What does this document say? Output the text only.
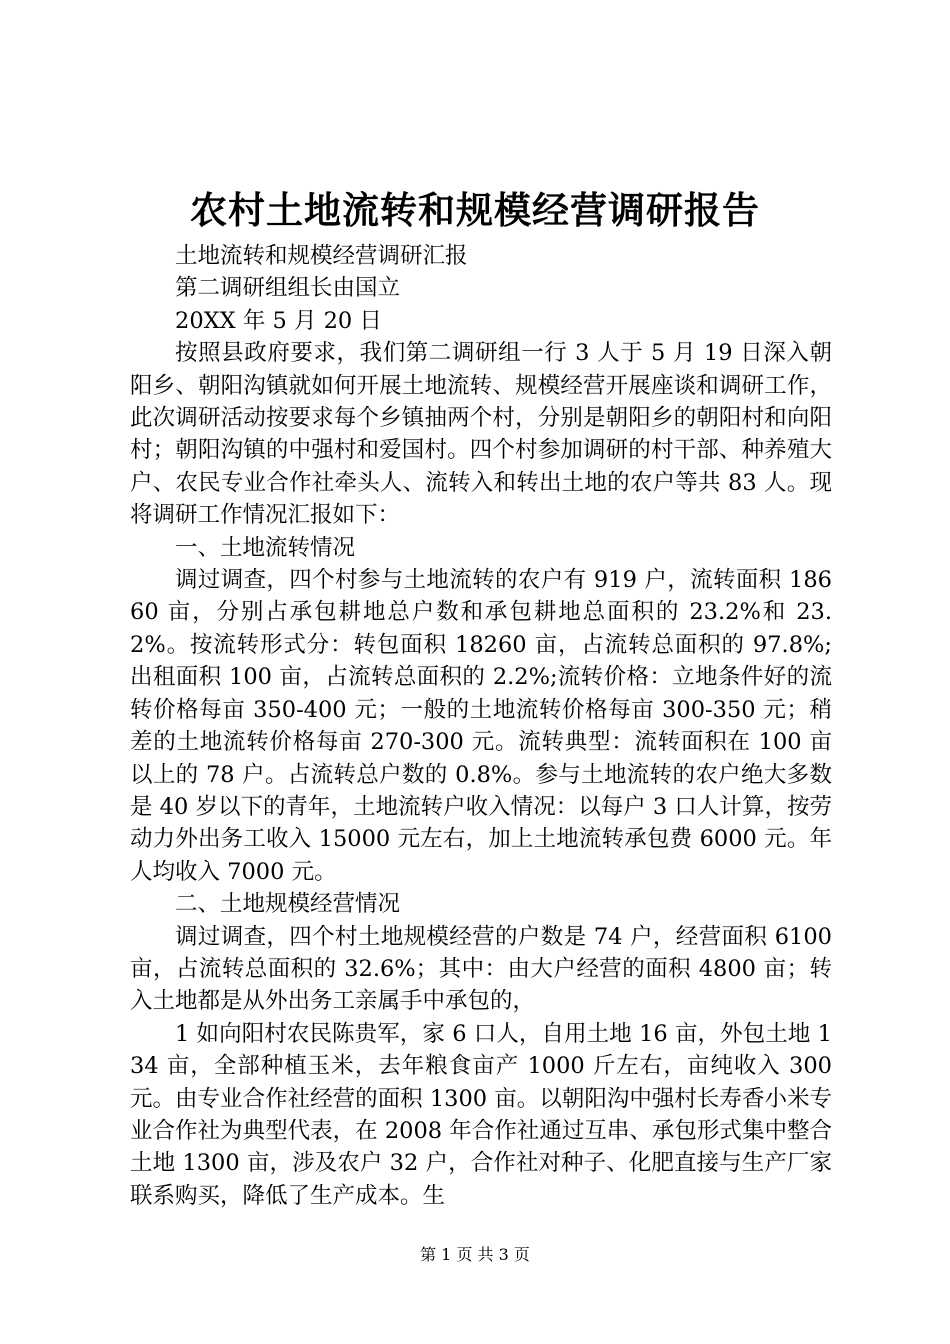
农村土地流转和规模经营调研报告

土地流转和规模经营调研汇报

第二调研组组长由国立

20XX 年 5 月 20 日

按照县政府要求，我们第二调研组一行 3 人于 5 月 19 日深入朝阳乡、朝阳沟镇就如何开展土地流转、规模经营开展座谈和调研工作，此次调研活动按要求每个乡镇抽两个村，分别是朝阳乡的朝阳村和向阳村；朝阳沟镇的中强村和爱国村。四个村参加调研的村干部、种养殖大户、农民专业合作社牵头人、流转入和转出土地的农户等共 83 人。现将调研工作情况汇报如下：

一、土地流转情况

调过调查，四个村参与土地流转的农户有 919 户，流转面积 18660 亩，分别占承包耕地总户数和承包耕地总面积的 23.2%和 23.2%。按流转形式分：转包面积 18260 亩，占流转总面积的 97.8%;出租面积 100 亩，占流转总面积的 2.2%;流转价格：立地条件好的流转价格每亩 350-400 元；一般的土地流转价格每亩 300-350 元；稍差的土地流转价格每亩 270-300 元。流转典型：流转面积在 100 亩以上的 78 户。占流转总户数的 0.8%。参与土地流转的农户绝大多数是 40 岁以下的青年，土地流转户收入情况：以每户 3 口人计算，按劳动力外出务工收入 15000 元左右，加上土地流转承包费 6000 元。年人均收入 7000 元。

二、土地规模经营情况

调过调查，四个村土地规模经营的户数是 74 户，经营面积 6100 亩，占流转总面积的 32.6%；其中：由大户经营的面积 4800 亩；转入土地都是从外出务工亲属手中承包的，

1 如向阳村农民陈贵军，家 6 口人，自用土地 16 亩，外包土地 134 亩，全部种植玉米，去年粮食亩产 1000 斤左右，亩纯收入 300 元。由专业合作社经营的面积 1300 亩。以朝阳沟中强村长寿香小米专业合作社为典型代表，在 2008 年合作社通过互串、承包形式集中整合土地 1300 亩，涉及农户 32 户，合作社对种子、化肥直接与生产厂家联系购买，降低了生产成本。生

第 1 页 共 3 页
